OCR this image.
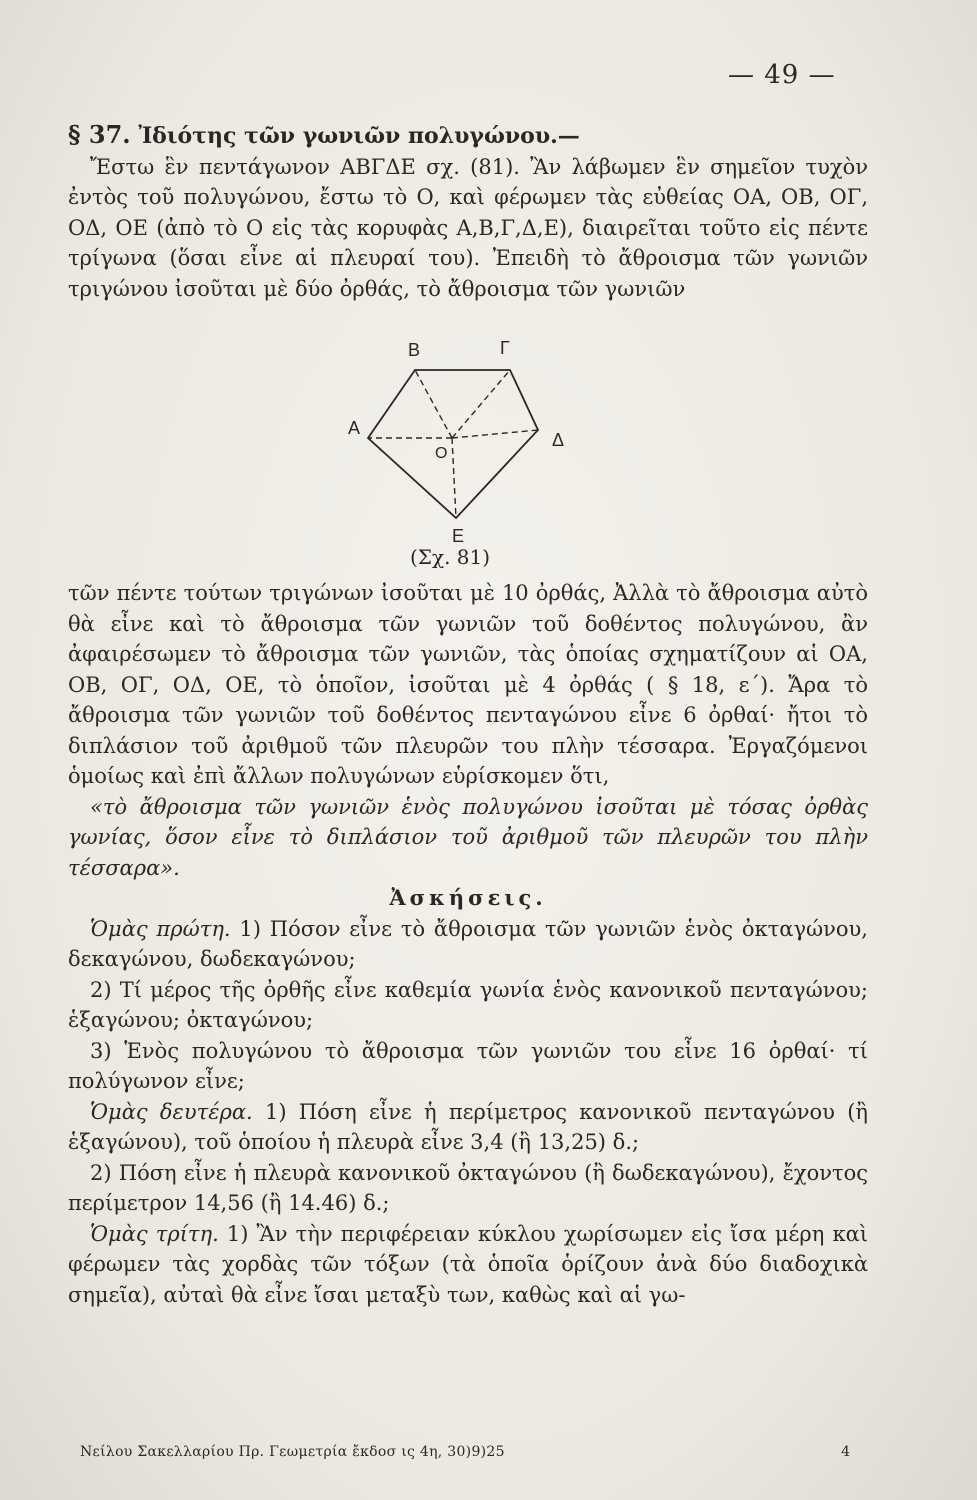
— 49 —

§ 37. Ἰδιότης τῶν γωνιῶν πολυγώνου.—

Ἔστω ἓν πεντάγωνον ΑΒΓΔΕ σχ. (81). Ἂν λάβωμεν ἓν σημεῖον τυχὸν ἐντὸς τοῦ πολυγώνου, ἔστω τὸ Ο, καὶ φέρωμεν τὰς εὐθείας ΟΑ, ΟΒ, ΟΓ, ΟΔ, ΟΕ (ἀπὸ τὸ Ο εἰς τὰς κορυφὰς Α,Β,Γ,Δ,Ε), διαιρεῖται τοῦτο εἰς πέντε τρίγωνα (ὅσαι εἶνε αἱ πλευραί του). Ἐπειδὴ τὸ ἄθροισμα τῶν γωνιῶν τριγώνου ἰσοῦται μὲ δύο ὀρθάς, τὸ ἄθροισμα τῶν γωνιῶν

Α
Β	Γ
Δ
Ε
Ο
(Σχ. 81)

τῶν πέντε τούτων τριγώνων ἰσοῦται μὲ 10 ὀρθάς, Ἀλλὰ τὸ ἄθροισμα αὐτὸ θὰ εἶνε καὶ τὸ ἄθροισμα τῶν γωνιῶν τοῦ δοθέντος πολυγώνου, ἂν ἀφαιρέσωμεν τὸ ἄθροισμα τῶν γωνιῶν, τὰς ὁποίας σχηματίζουν αἱ ΟΑ, ΟΒ, ΟΓ, ΟΔ, ΟΕ, τὸ ὁποῖον, ἰσοῦται μὲ 4 ὀρθάς ( § 18, ε΄). Ἄρα τὸ ἄθροισμα τῶν γωνιῶν τοῦ δοθέντος πενταγώνου εἶνε 6 ὀρθαί· ἤτοι τὸ διπλάσιον τοῦ ἀριθμοῦ τῶν πλευρῶν του πλὴν τέσσαρα. Ἐργαζόμενοι ὁμοίως καὶ ἐπὶ ἄλλων πολυγώνων εὑρίσκομεν ὅτι,

«τὸ ἄθροισμα τῶν γωνιῶν ἑνὸς πολυγώνου ἰσοῦται μὲ τόσας ὀρθὰς γωνίας, ὅσον εἶνε τὸ διπλάσιον τοῦ ἀριθμοῦ τῶν πλευρῶν του πλὴν τέσσαρα».

Ἀσκήσεις.

Ὁμὰς πρώτη. 1) Πόσον εἶνε τὸ ἄθροισμα τῶν γωνιῶν ἑνὸς ὀκταγώνου, δεκαγώνου, δωδεκαγώνου;

2) Τί μέρος τῆς ὀρθῆς εἶνε καθεμία γωνία ἑνὸς κανονικοῦ πενταγώνου; ἑξαγώνου; ὀκταγώνου;

3) Ἑνὸς πολυγώνου τὸ ἄθροισμα τῶν γωνιῶν του εἶνε 16 ὀρθαί· τί πολύγωνον εἶνε;

Ὁμὰς δευτέρα. 1) Πόση εἶνε ἡ περίμετρος κανονικοῦ πενταγώνου (ἢ ἑξαγώνου), τοῦ ὁποίου ἡ πλευρὰ εἶνε 3,4 (ἢ 13,25) δ.;

2) Πόση εἶνε ἡ πλευρὰ κανονικοῦ ὀκταγώνου (ἢ δωδεκαγώνου), ἔχοντος περίμετρον 14,56 (ἢ 14.46) δ.;

Ὁμὰς τρίτη. 1) Ἂν τὴν περιφέρειαν κύκλου χωρίσωμεν εἰς ἴσα μέρη καὶ φέρωμεν τὰς χορδὰς τῶν τόξων (τὰ ὁποῖα ὁρίζουν ἀνὰ δύο διαδοχικὰ σημεῖα), αὐταὶ θὰ εἶνε ἴσαι μεταξὺ των, καθὼς καὶ αἱ γω-

Νείλου Σακελλαρίου Πρ. Γεωμετρία ἔκδοσ ις 4η, 30)9)25	4
